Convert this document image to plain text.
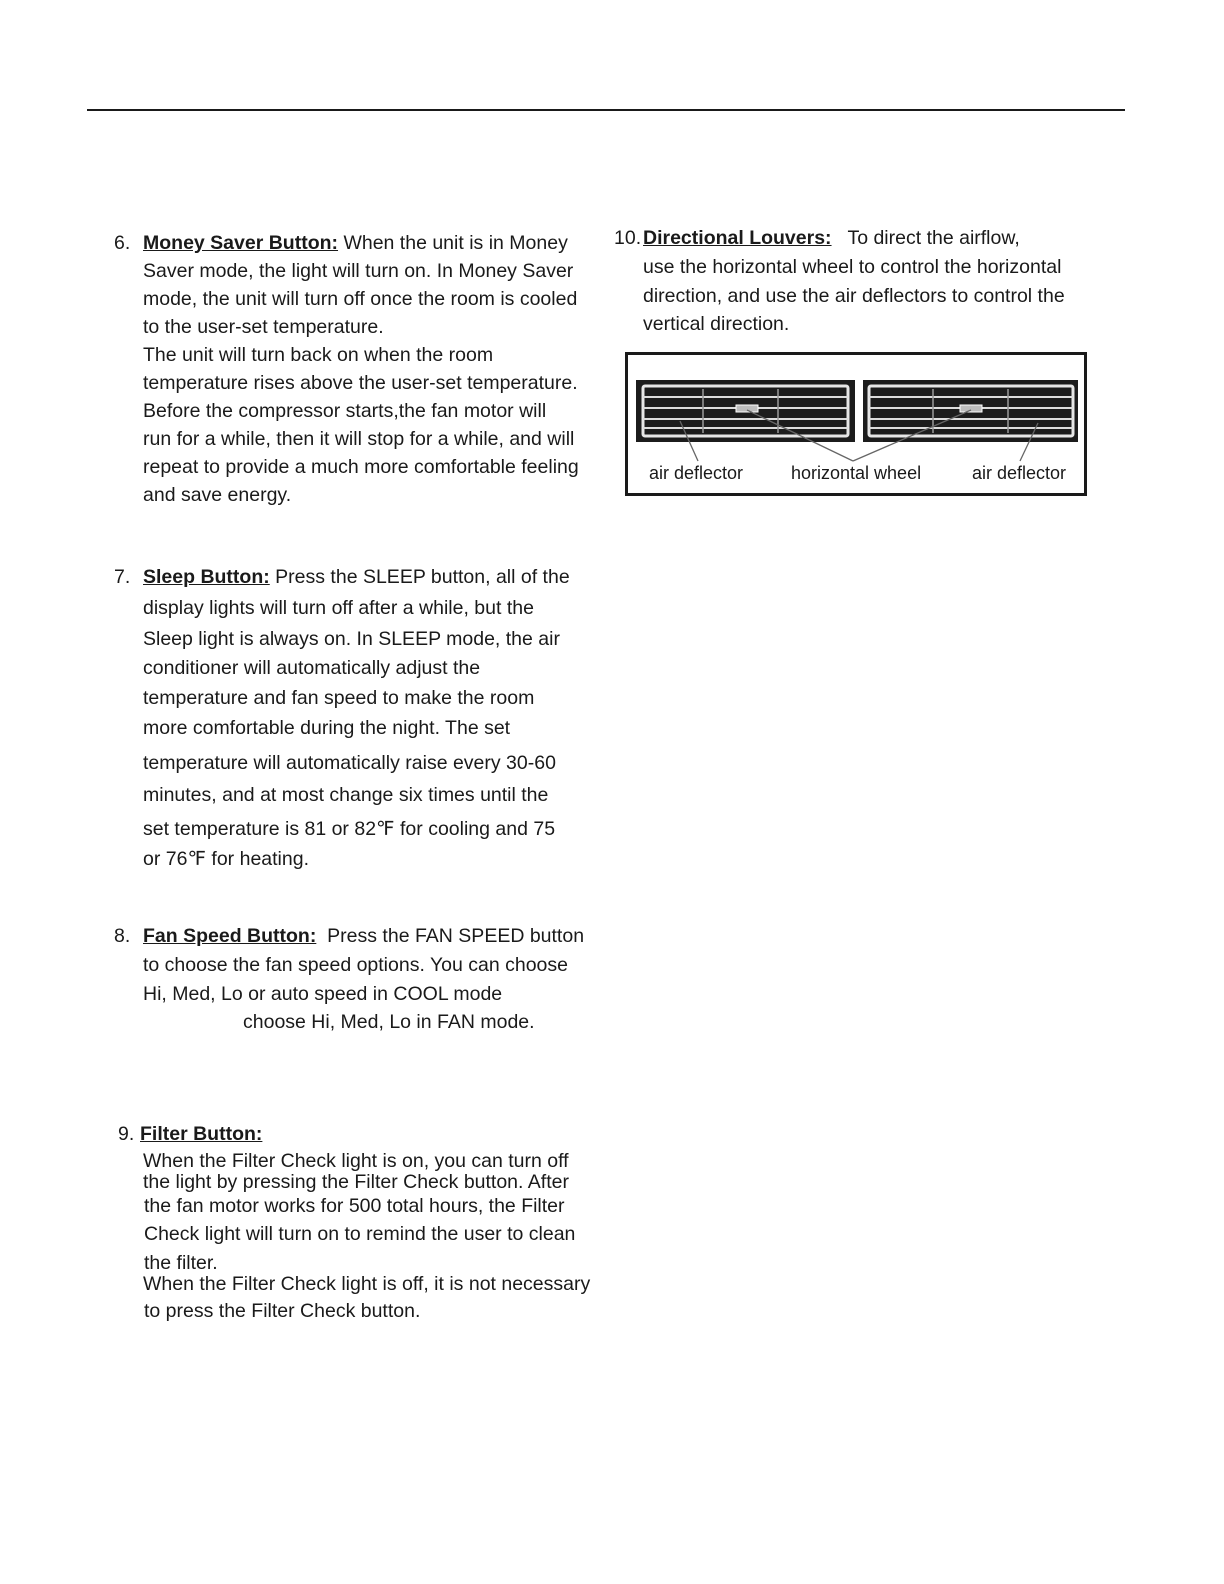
6. Money Saver Button: When the unit is in Money
Saver mode, the light will turn on. In Money Saver
mode, the unit will turn off once the room is cooled
to the user-set temperature.
The unit will turn back on when the room
temperature rises above the user-set temperature.
Before the compressor starts,the fan motor will
run for a while, then it will stop for a while, and will
repeat to provide a much more comfortable feeling
and save energy.
7. Sleep Button: Press the SLEEP button, all of the
display lights will turn off after a while, but the
Sleep light is always on. In SLEEP mode, the air
conditioner will automatically adjust the
temperature and fan speed to make the room
more comfortable during the night. The set
temperature will automatically raise every 30-60
minutes, and at most change six times until the
set temperature is 81 or 82℉ for cooling and 75
or 76℉ for heating.
8. Fan Speed Button: Press the FAN SPEED button
to choose the fan speed options. You can choose
Hi, Med, Lo or auto speed in COOL mode
choose Hi, Med, Lo in FAN mode.
9. Filter Button:
When the Filter Check light is on, you can turn off
the light by pressing the Filter Check button. After
the fan motor works for 500 total hours, the Filter
Check light will turn on to remind the user to clean
the filter.
When the Filter Check light is off, it is not necessary
to press the Filter Check button.
10. Directional Louvers: To direct the airflow,
use the horizontal wheel to control the horizontal
direction, and use the air deflectors to control the
vertical direction.
air deflector	horizontal wheel	air deflector
